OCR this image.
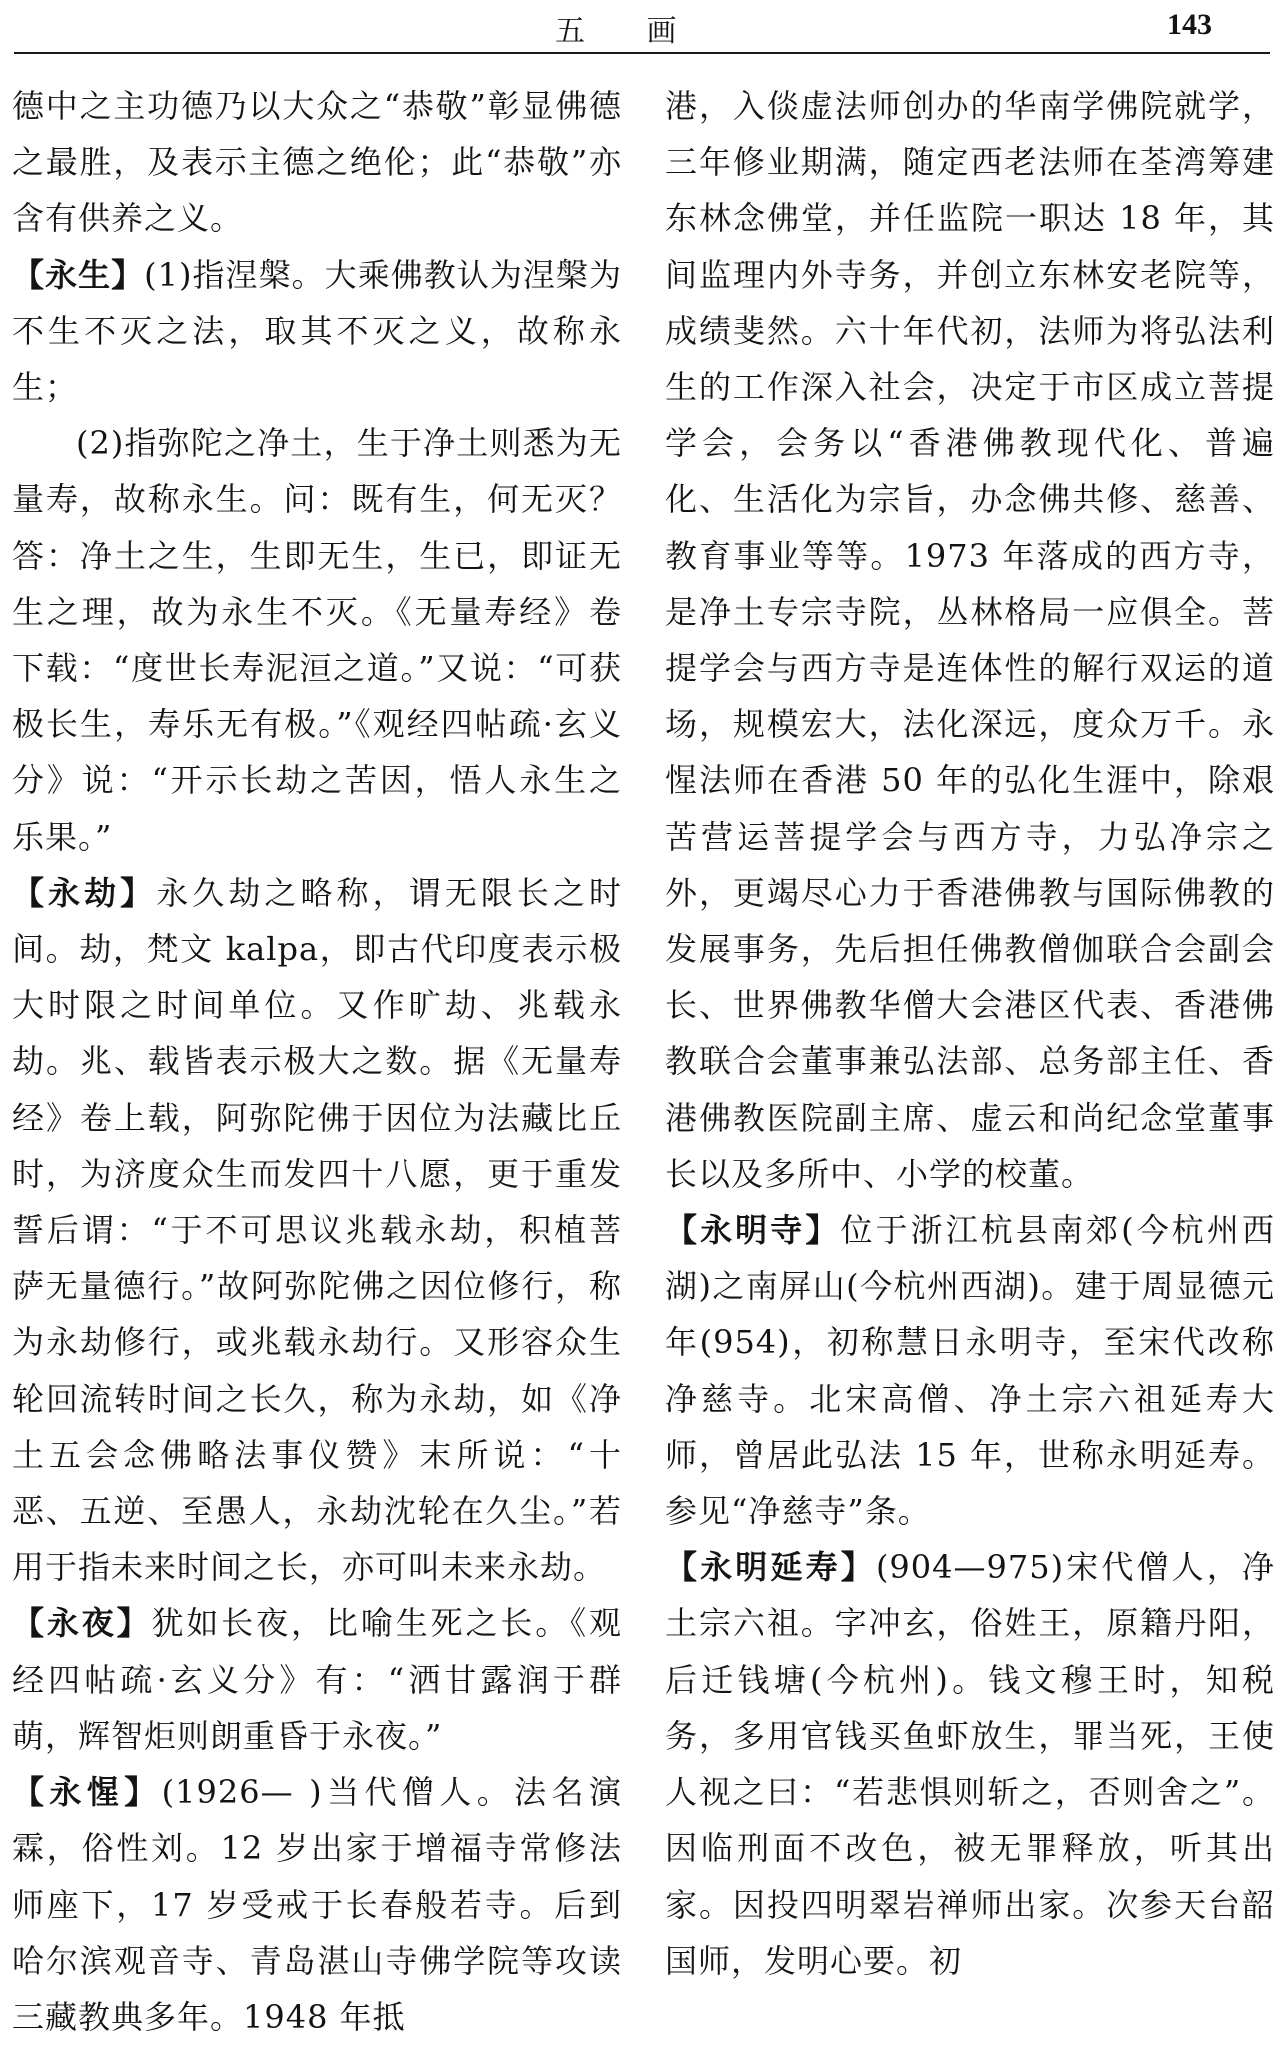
五 画	143

德中之主功德乃以大众之“恭敬”彰显佛德之最胜，及表示主德之绝伦；此“恭敬”亦含有供养之义。

【永生】(1)指涅槃。大乘佛教认为涅槃为不生不灭之法，取其不灭之义，故称永生；

(2)指弥陀之净土，生于净土则悉为无量寿，故称永生。问：既有生，何无灭？答：净土之生，生即无生，生已，即证无生之理，故为永生不灭。《无量寿经》卷下载：“度世长寿泥洹之道。”又说：“可获极长生，寿乐无有极。”《观经四帖疏·玄义分》说：“开示长劫之苦因，悟人永生之乐果。”

【永劫】永久劫之略称，谓无限长之时间。劫，梵文 kalpa，即古代印度表示极大时限之时间单位。又作旷劫、兆载永劫。兆、载皆表示极大之数。据《无量寿经》卷上载，阿弥陀佛于因位为法藏比丘时，为济度众生而发四十八愿，更于重发誓后谓：“于不可思议兆载永劫，积植菩萨无量德行。”故阿弥陀佛之因位修行，称为永劫修行，或兆载永劫行。又形容众生轮回流转时间之长久，称为永劫，如《净土五会念佛略法事仪赞》末所说：“十恶、五逆、至愚人，永劫沈轮在久尘。”若用于指未来时间之长，亦可叫未来永劫。

【永夜】犹如长夜，比喻生死之长。《观经四帖疏·玄义分》有：“洒甘露润于群萌，辉智炬则朗重昏于永夜。”

【永惺】(1926— )当代僧人。法名演霖，俗性刘。12 岁出家于增福寺常修法师座下，17 岁受戒于长春般若寺。后到哈尔滨观音寺、青岛湛山寺佛学院等攻读三藏教典多年。1948 年抵

港，入倓虚法师创办的华南学佛院就学，三年修业期满，随定西老法师在荃湾筹建东林念佛堂，并任监院一职达 18 年，其间监理内外寺务，并创立东林安老院等，成绩斐然。六十年代初，法师为将弘法利生的工作深入社会，决定于市区成立菩提学会，会务以“香港佛教现代化、普遍化、生活化为宗旨，办念佛共修、慈善、教育事业等等。1973 年落成的西方寺，是净土专宗寺院，丛林格局一应俱全。菩提学会与西方寺是连体性的解行双运的道场，规模宏大，法化深远，度众万千。永惺法师在香港 50 年的弘化生涯中，除艰苦营运菩提学会与西方寺，力弘净宗之外，更竭尽心力于香港佛教与国际佛教的发展事务，先后担任佛教僧伽联合会副会长、世界佛教华僧大会港区代表、香港佛教联合会董事兼弘法部、总务部主任、香港佛教医院副主席、虚云和尚纪念堂董事长以及多所中、小学的校董。

【永明寺】位于浙江杭县南郊(今杭州西湖)之南屏山(今杭州西湖)。建于周显德元年(954)，初称慧日永明寺，至宋代改称净慈寺。北宋高僧、净土宗六祖延寿大师，曾居此弘法 15 年，世称永明延寿。参见“净慈寺”条。

【永明延寿】(904—975)宋代僧人，净土宗六祖。字冲玄，俗姓王，原籍丹阳，后迁钱塘(今杭州)。钱文穆王时，知税务，多用官钱买鱼虾放生，罪当死，王使人视之曰：“若悲惧则斩之，否则舍之”。因临刑面不改色，被无罪释放，听其出家。因投四明翠岩禅师出家。次参天台韶国师，发明心要。初
